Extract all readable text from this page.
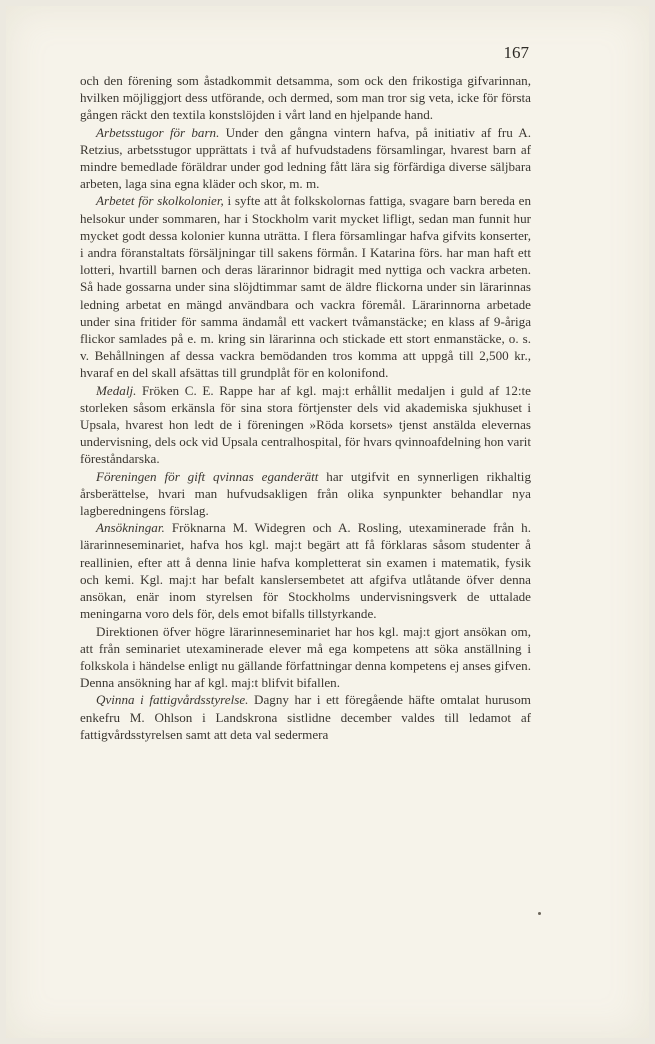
167

och den förening som åstadkommit detsamma, som ock den frikostiga gifvarinnan, hvilken möjliggjort dess utförande, och dermed, som man tror sig veta, icke för första gången räckt den textila konstslöjden i vårt land en hjelpande hand.

Arbetsstugor för barn. Under den gångna vintern hafva, på initiativ af fru A. Retzius, arbetsstugor upprättats i två af hufvudstadens församlingar, hvarest barn af mindre bemedlade föräldrar under god ledning fått lära sig förfärdiga diverse säljbara arbeten, laga sina egna kläder och skor, m. m.

Arbetet för skolkolonier, i syfte att åt folkskolornas fattiga, svagare barn bereda en helsokur under sommaren, har i Stockholm varit mycket lifligt, sedan man funnit hur mycket godt dessa kolonier kunna uträtta. I flera församlingar hafva gifvits konserter, i andra föranstaltats försäljningar till sakens förmån. I Katarina förs. har man haft ett lotteri, hvartill barnen och deras lärarinnor bidragit med nyttiga och vackra arbeten. Så hade gossarna under sina slöjdtimmar samt de äldre flickorna under sin lärarinnas ledning arbetat en mängd användbara och vackra föremål. Lärarinnorna arbetade under sina fritider för samma ändamål ett vackert tvåmanstäcke; en klass af 9-åriga flickor samlades på e. m. kring sin lärarinna och stickade ett stort enmanstäcke, o. s. v. Behållningen af dessa vackra bemödanden tros komma att uppgå till 2,500 kr., hvaraf en del skall afsättas till grundplåt för en kolonifond.

Medalj. Fröken C. E. Rappe har af kgl. maj:t erhållit medaljen i guld af 12:te storleken såsom erkänsla för sina stora förtjenster dels vid akademiska sjukhuset i Upsala, hvarest hon ledt de i föreningen »Röda korsets» tjenst anstälda elevernas undervisning, dels ock vid Upsala centralhospital, för hvars qvinnoafdelning hon varit föreståndarska.

Föreningen för gift qvinnas eganderätt har utgifvit en synnerligen rikhaltig årsberättelse, hvari man hufvudsakligen från olika synpunkter behandlar nya lagberedningens förslag.

Ansökningar. Fröknarna M. Widegren och A. Rosling, utexaminerade från h. lärarinneseminariet, hafva hos kgl. maj:t begärt att få förklaras såsom studenter å reallinien, efter att å denna linie hafva kompletterat sin examen i matematik, fysik och kemi. Kgl. maj:t har befalt kanslersembetet att afgifva utlåtande öfver denna ansökan, enär inom styrelsen för Stockholms undervisningsverk de uttalade meningarna voro dels för, dels emot bifalls tillstyrkande.

Direktionen öfver högre lärarinneseminariet har hos kgl. maj:t gjort ansökan om, att från seminariet utexaminerade elever må ega kompetens att söka anställning i folkskola i händelse enligt nu gällande författningar denna kompetens ej anses gifven. Denna ansökning har af kgl. maj:t blifvit bifallen.

Qvinna i fattigvårdsstyrelse. Dagny har i ett föregående häfte omtalat hurusom enkefru M. Ohlson i Landskrona sistlidne december valdes till ledamot af fattigvårdsstyrelsen samt att deta val sedermera
